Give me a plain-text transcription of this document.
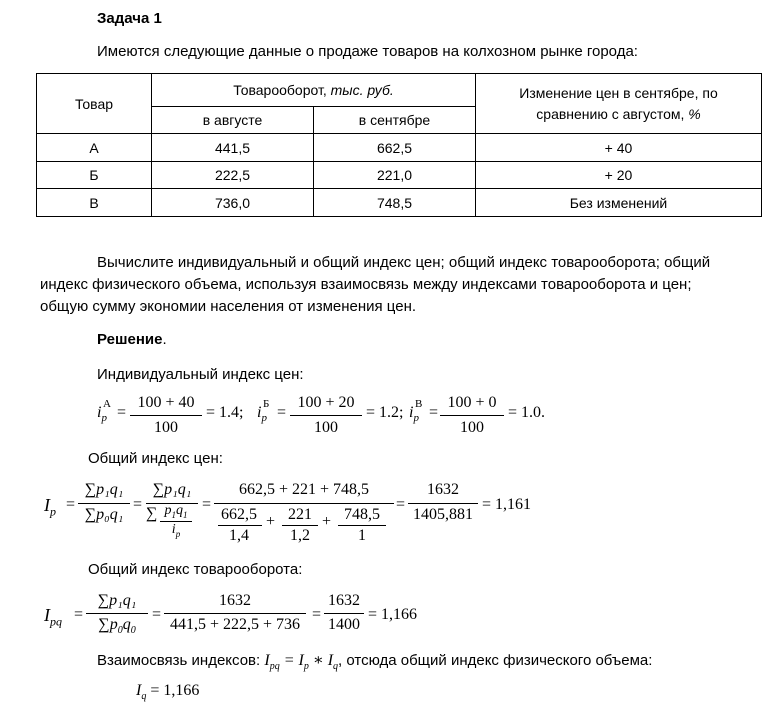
Задача 1
Имеются следующие данные о продаже товаров на колхозном рынке города:
Товар	Товарооборот, тыс. руб.		Изменение цен в сентябре, по
сравнению с августом, %
	в августе	в сентябре	
А	441,5	662,5	+ 40
Б	222,5	221,0	+ 20
В	736,0	748,5	Без изменений
Вычислите индивидуальный и общий индекс цен; общий индекс товарооборота; общий
индекс физического объема, используя взаимосвязь между индексами товарооборота и цен;
общую сумму экономии населения от изменения цен.
Решение.
Индивидуальный индекс цен:
$i_p$
А =
100 + 40
100
= 1.4; $i_p$
Б =
100 + 20
100
= 1.2; $i_p$
В =
100 + 0
100
= 1.0.
Общий индекс цен:
$I_p$ =
∑p₁q₁
∑p₀q₁
=
∑p₁q₁
∑ $p_1q_1$
$i_p$
=
662,5 + 221 + 748,5
662,5
1,4
+ 221
1,2
+ 748,5
1
=
1632
1405,881
= 1,161
Общий индекс товарооборота:
$I_{pq}$ =
∑p₁q₁
$\sum p_0q_0$
=
1632
441,5 + 222,5 + 736
=
1632
1400
= 1,166
Взаимосвязь индексов: $I_{pq} = I_p$ ∗ $I_q$, отсюда общий индекс физического объема:
$I_q = 1,166$
